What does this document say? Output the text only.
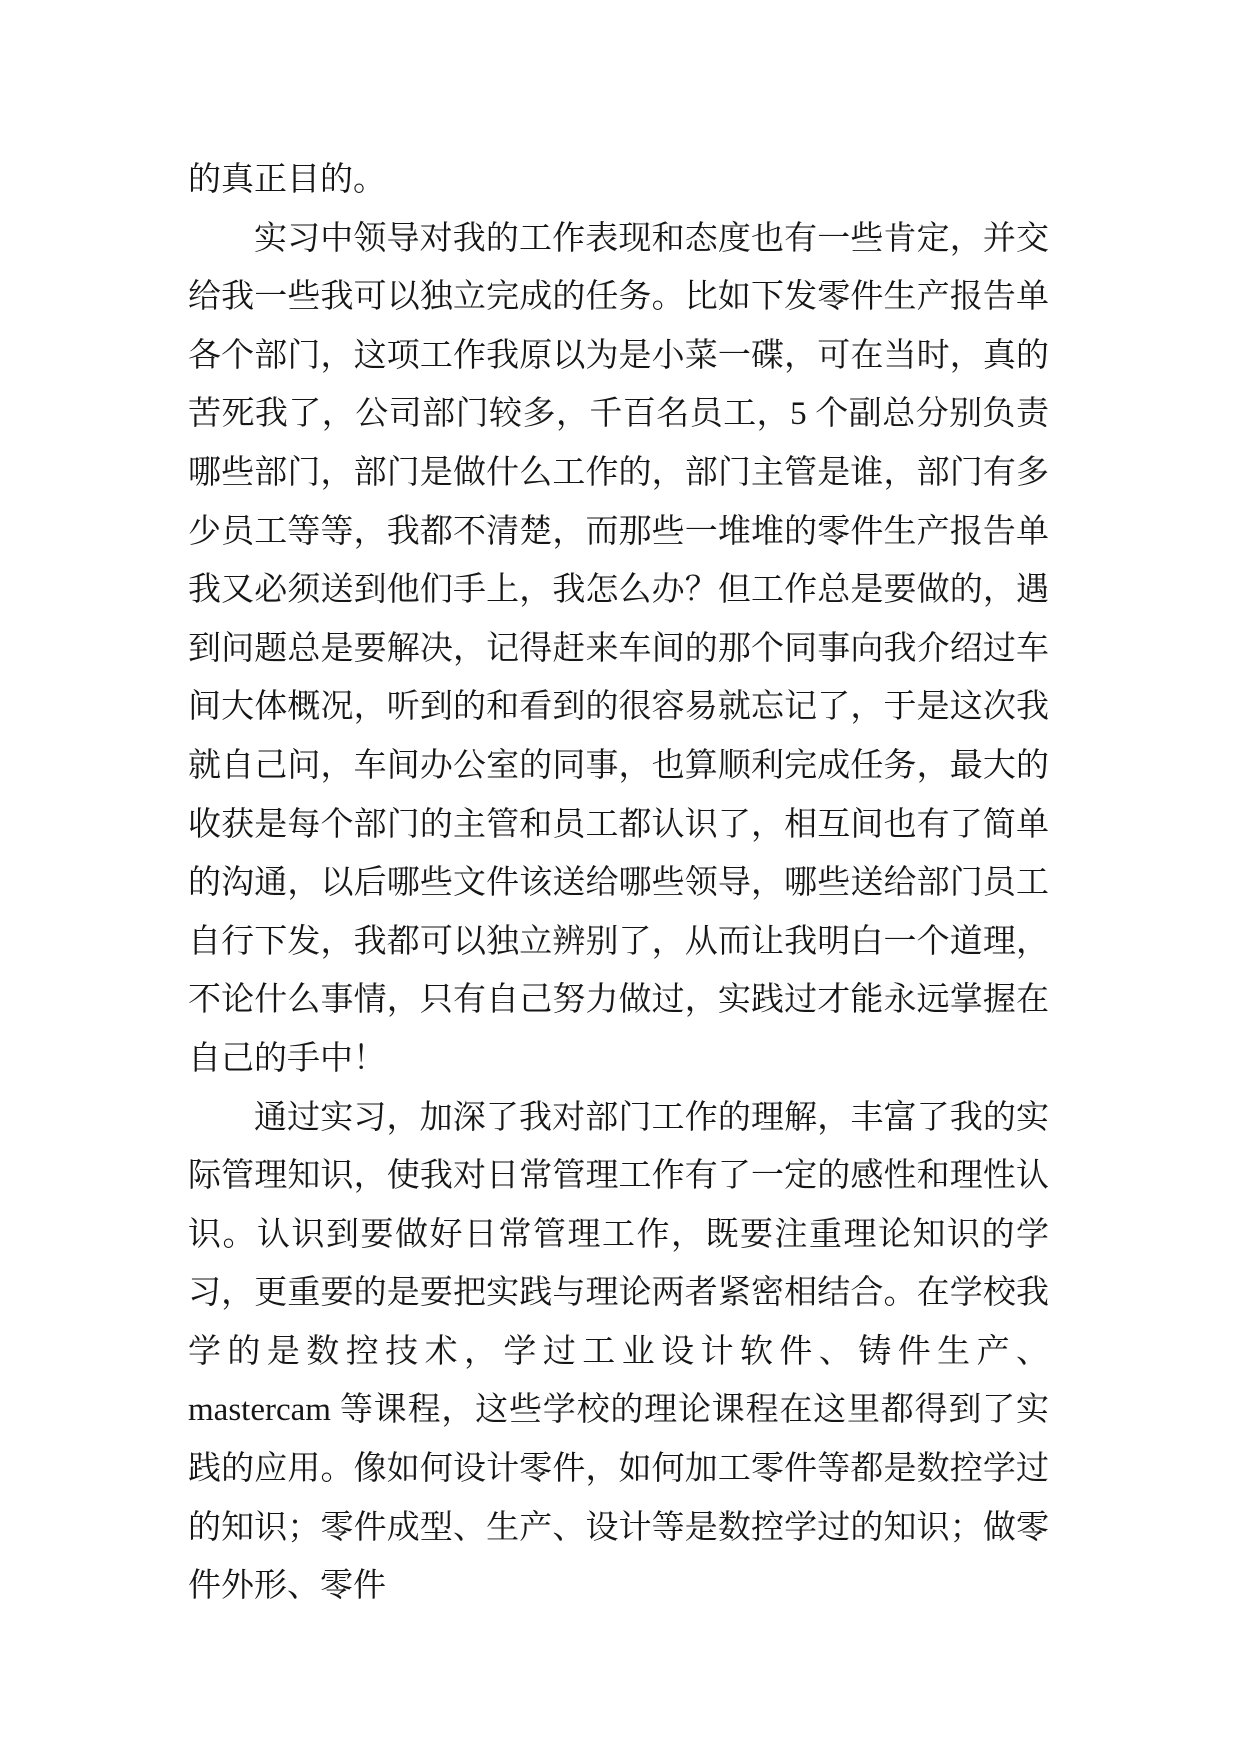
的真正目的。

实习中领导对我的工作表现和态度也有一些肯定，并交给我一些我可以独立完成的任务。比如下发零件生产报告单各个部门，这项工作我原以为是小菜一碟，可在当时，真的苦死我了，公司部门较多，千百名员工，5 个副总分别负责哪些部门，部门是做什么工作的，部门主管是谁，部门有多少员工等等，我都不清楚，而那些一堆堆的零件生产报告单我又必须送到他们手上，我怎么办？但工作总是要做的，遇到问题总是要解决，记得赶来车间的那个同事向我介绍过车间大体概况，听到的和看到的很容易就忘记了，于是这次我就自己问，车间办公室的同事，也算顺利完成任务，最大的收获是每个部门的主管和员工都认识了，相互间也有了简单的沟通，以后哪些文件该送给哪些领导，哪些送给部门员工自行下发，我都可以独立辨别了，从而让我明白一个道理，不论什么事情，只有自己努力做过，实践过才能永远掌握在自己的手中！

通过实习，加深了我对部门工作的理解，丰富了我的实际管理知识，使我对日常管理工作有了一定的感性和理性认识。认识到要做好日常管理工作，既要注重理论知识的学习，更重要的是要把实践与理论两者紧密相结合。在学校我学的是数控技术，学过工业设计软件、铸件生产、mastercam 等课程，这些学校的理论课程在这里都得到了实践的应用。像如何设计零件，如何加工零件等都是数控学过的知识；零件成型、生产、设计等是数控学过的知识；做零件外形、零件
